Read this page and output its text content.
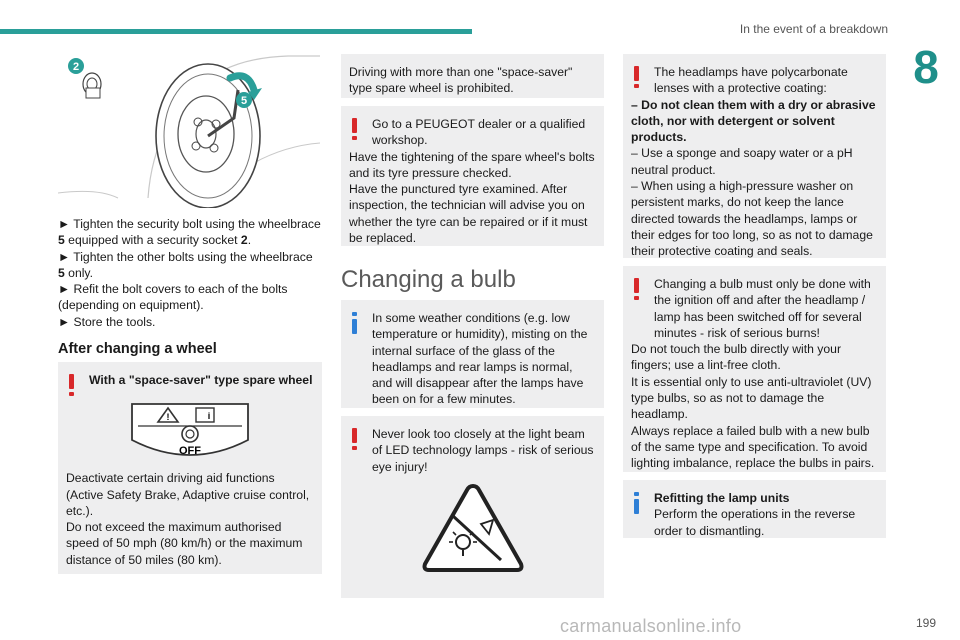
In the event of a breakdown
8
2
5

► Tighten the security bolt using the wheelbrace 5 equipped with a security socket 2.

► Tighten the other bolts using the wheelbrace 5 only.

► Refit the bolt covers to each of the bolts (depending on equipment).

► Store the tools.

After changing a wheel

With a "space-saver" type spare wheel

!	i
OFF

Deactivate certain driving aid functions (Active Safety Brake, Adaptive cruise control, etc.).

Do not exceed the maximum authorised speed of 50 mph (80 km/h) or the maximum distance of 50 miles (80 km).

Driving with more than one "space-saver" type spare wheel is prohibited.

Go to a PEUGEOT dealer or a qualified workshop.

Have the tightening of the spare wheel's bolts and its tyre pressure checked.

Have the punctured tyre examined. After inspection, the technician will advise you on whether the tyre can be repaired or if it must be replaced.

Changing a bulb

In some weather conditions (e.g. low temperature or humidity), misting on the internal surface of the glass of the headlamps and rear lamps is normal, and will disappear after the lamps have been on for a few minutes.

Never look too closely at the light beam of LED technology lamps - risk of serious eye injury!

The headlamps have polycarbonate lenses with a protective coating:

– Do not clean them with a dry or abrasive cloth, nor with detergent or solvent products.

– Use a sponge and soapy water or a pH neutral product.

– When using a high-pressure washer on persistent marks, do not keep the lance directed towards the headlamps, lamps or their edges for too long, so as not to damage their protective coating and seals.

Changing a bulb must only be done with the ignition off and after the headlamp / lamp has been switched off for several minutes - risk of serious burns!

Do not touch the bulb directly with your fingers; use a lint-free cloth.

It is essential only to use anti-ultraviolet (UV) type bulbs, so as not to damage the headlamp.

Always replace a failed bulb with a new bulb of the same type and specification. To avoid lighting imbalance, replace the bulbs in pairs.

Refitting the lamp units

Perform the operations in the reverse order to dismantling.

carmanualsonline.info	199
